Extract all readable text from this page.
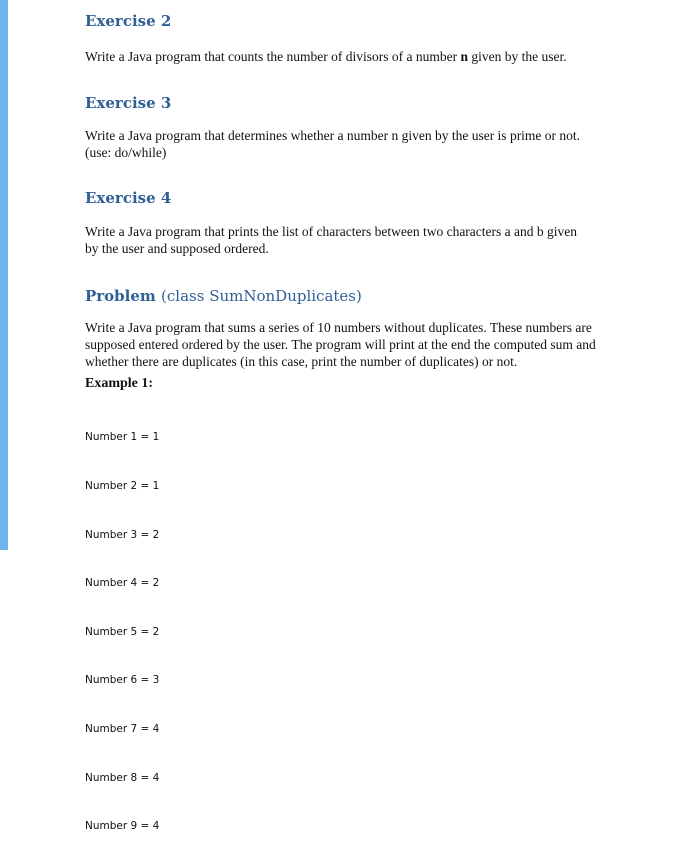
Exercise 2
Write a Java program that counts the number of divisors of a number n given by the user.
Exercise 3
Write a Java program that determines whether a number n given by the user is prime or not.
(use: do/while)
Exercise 4
Write a Java program that prints the list of characters between two characters a and b given
by the user and supposed ordered.
Problem (class SumNonDuplicates)
Write a Java program that sums a series of 10 numbers without duplicates. These numbers are
supposed entered ordered by the user. The program will print at the end the computed sum and
whether there are duplicates (in this case, print the number of duplicates) or not.
Example 1:

Number 1 = 1

Number 2 = 1

Number 3 = 2

Number 4 = 2

Number 5 = 2

Number 6 = 3

Number 7 = 4

Number 8 = 4

Number 9 = 4
